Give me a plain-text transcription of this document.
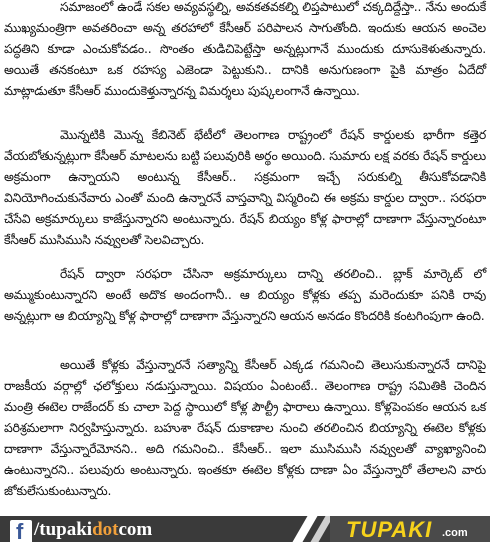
సమాజంలో ఉండే సకల అవ్యవస్థల్ని, అవకతవకల్ని లిప్తపాటులో చక్కదిద్దేస్తా.. నేను అందుకే ముఖ్యమంత్రిగా అవతరించా అన్న తరహాలో కేసీఆర్ పరిపాలన సాగుతోంది. ఇందుకు ఆయన అంచెల పద్ధతిని కూడా ఎంచుకోవడం.. సొంతం తుడిచిపెట్టేస్తా అన్నట్లుగానే ముందుకు దూసుకెళుతున్నారు. అయితే తనకంటూ ఒక రహస్య ఎజెండా పెట్టుకుని.. దానికి అనుగుణంగా పైకి మాత్రం ఏదేదో మాట్లాడుతూ కేసీఆర్ ముందుకెళ్తున్నారన్న విమర్శలు పుష్కలంగానే ఉన్నాయి.

మొన్నటికి మొన్న కేబినెట్ భేటీలో తెలంగాణ రాష్ట్రంలో రేషన్ కార్డులకు భారీగా కత్తెర వేయబోతున్నట్లుగా కేసీఆర్ మాటలను బట్టి పలువురికి అర్థం అయింది. సుమారు లక్ష వరకు రేషన్ కార్డులు అక్రమంగా ఉన్నాయని అంటున్న కేసీఆర్.. సక్రమంగా ఇచ్చే సరుకుల్ని తీసుకోవడానికి వినియోగించుకునేవారు ఎంతో మంది ఉన్నారనే వాస్తవాన్ని విస్మరించి ఈ అక్రమ కార్డుల ద్వారా.. సరఫరా చేసేవి అక్రమార్కులు కాజేస్తున్నారని అంటున్నారు. రేషన్ బియ్యం కోళ్ల ఫారాల్లో దాణాగా వేస్తున్నారంటూ కేసీఆర్ ముసిముసి నవ్వులతో సెలవిచ్చారు.

రేషన్ ద్వారా సరఫరా చేసినా అక్రమార్కులు దాన్ని తరలించి.. బ్లాక్ మార్కెట్ లో అమ్ముకుంటున్నారని అంటే అదొక అందంగానీ.. ఆ బియ్యం కోళ్లకు తప్ప మరెందుకూ పనికి రావు అన్నట్లుగా ఆ బియ్యాన్ని కోళ్ల ఫారాల్లో దాణాగా వేస్తున్నారని ఆయన అనడం కొందరికి కంటగింపుగా ఉంది.

అయితే కోళ్లకు వేస్తున్నారనే సత్యాన్ని కేసీఆర్ ఎక్కడ గమనించి తెలుసుకున్నారనే దానిపై రాజకీయ వర్గాల్లో ఛలోక్తులు నడుస్తున్నాయి. విషయం ఏంటంటే.. తెలంగాణ రాష్ట్ర సమితికి చెందిన మంత్రి ఈటెల రాజేందర్ కు చాలా పెద్ద స్థాయిలో కోళ్ల పౌల్ట్రీ ఫారాలు ఉన్నాయి. కోళ్లపెంపకం ఆయన ఒక పరిశ్రమలాగా నిర్వహిస్తున్నారు. బహుశా రేషన్ దుకాణాల నుంచి తరలించిన బియ్యాన్ని ఈటెల కోళ్లకు దాణాగా వేస్తున్నారేమోనని.. అది గమనించి.. కేసీఆర్.. ఇలా ముసిముసి నవ్వులతో వ్యాఖ్యానించి ఉంటున్నారని.. పలువురు అంటున్నారు. ఇంతకూ ఈటెల కోళ్లకు దాణా ఏం వేస్తున్నారో తేలాలని వారు జోకులేసుకుంటున్నారు.

f /tupakidotcom	TUPAKI .com
